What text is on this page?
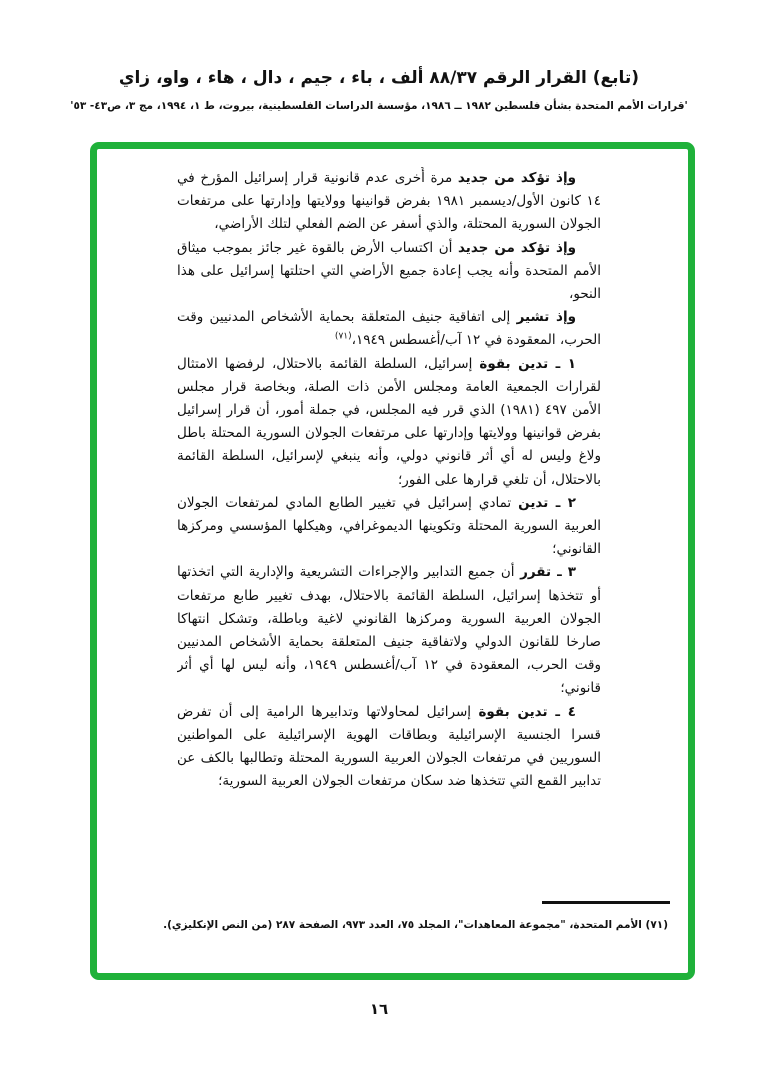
(تابع) القرار الرقم ٨٨/٣٧ ألف ، باء ، جيم ، دال ، هاء ، واو، زاي
'قرارات الأمم المتحدة بشأن فلسطين ١٩٨٢ ــ ١٩٨٦، مؤسسة الدراسات الفلسطينية، بيروت، ط ١، ١٩٩٤، مج ٣، ص٤٣- ٥٣'

وإذ تؤكد من جديد مرة أُخرى عدم قانونية قرار إسرائيل المؤرخ في ١٤ كانون الأول/ديسمبر ١٩٨١ بفرض قوانينها وولايتها وإدارتها على مرتفعات الجولان السورية المحتلة، والذي أسفر عن الضم الفعلي لتلك الأراضي،

وإذ تؤكد من جديد أن اكتساب الأرض بالقوة غير جائز بموجب ميثاق الأمم المتحدة وأنه يجب إعادة جميع الأراضي التي احتلتها إسرائيل على هذا النحو،

وإذ تشير إلى اتفاقية جنيف المتعلقة بحماية الأشخاص المدنيين وقت الحرب، المعقودة في ١٢ آب/أغسطس ١٩٤٩،$^{(٧١)}$

١ ـ تدين بقوة إسرائيل، السلطة القائمة بالاحتلال، لرفضها الامتثال لقرارات الجمعية العامة ومجلس الأمن ذات الصلة، وبخاصة قرار مجلس الأمن ٤٩٧ (١٩٨١) الذي قرر فيه المجلس، في جملة أمور، أن قرار إسرائيل بفرض قوانينها وولايتها وإدارتها على مرتفعات الجولان السورية المحتلة باطل ولاغ وليس له أي أثر قانوني دولي، وأنه ينبغي لإسرائيل، السلطة القائمة بالاحتلال، أن تلغي قرارها على الفور؛

٢ ـ تدين تمادي إسرائيل في تغيير الطابع المادي لمرتفعات الجولان العربية السورية المحتلة وتكوينها الديموغرافي، وهيكلها المؤسسي ومركزها القانوني؛

٣ ـ تقرر أن جميع التدابير والإجراءات التشريعية والإدارية التي اتخذتها أو تتخذها إسرائيل، السلطة القائمة بالاحتلال، بهدف تغيير طابع مرتفعات الجولان العربية السورية ومركزها القانوني لاغية وباطلة، وتشكل انتهاكا صارخا للقانون الدولي ولاتفاقية جنيف المتعلقة بحماية الأشخاص المدنيين وقت الحرب، المعقودة في ١٢ آب/أغسطس ١٩٤٩، وأنه ليس لها أي أثر قانوني؛

٤ ـ تدين بقوة إسرائيل لمحاولاتها وتدابيرها الرامية إلى أن تفرض قسرا الجنسية الإسرائيلية وبطاقات الهوية الإسرائيلية على المواطنين السوريين في مرتفعات الجولان العربية السورية المحتلة وتطالبها بالكف عن تدابير القمع التي تتخذها ضد سكان مرتفعات الجولان العربية السورية؛

(٧١) الأمم المتحدة، "مجموعة المعاهدات"، المجلد ٧٥، العدد ٩٧٣، الصفحة ٢٨٧ (من النص الإنكليزي).
١٦
